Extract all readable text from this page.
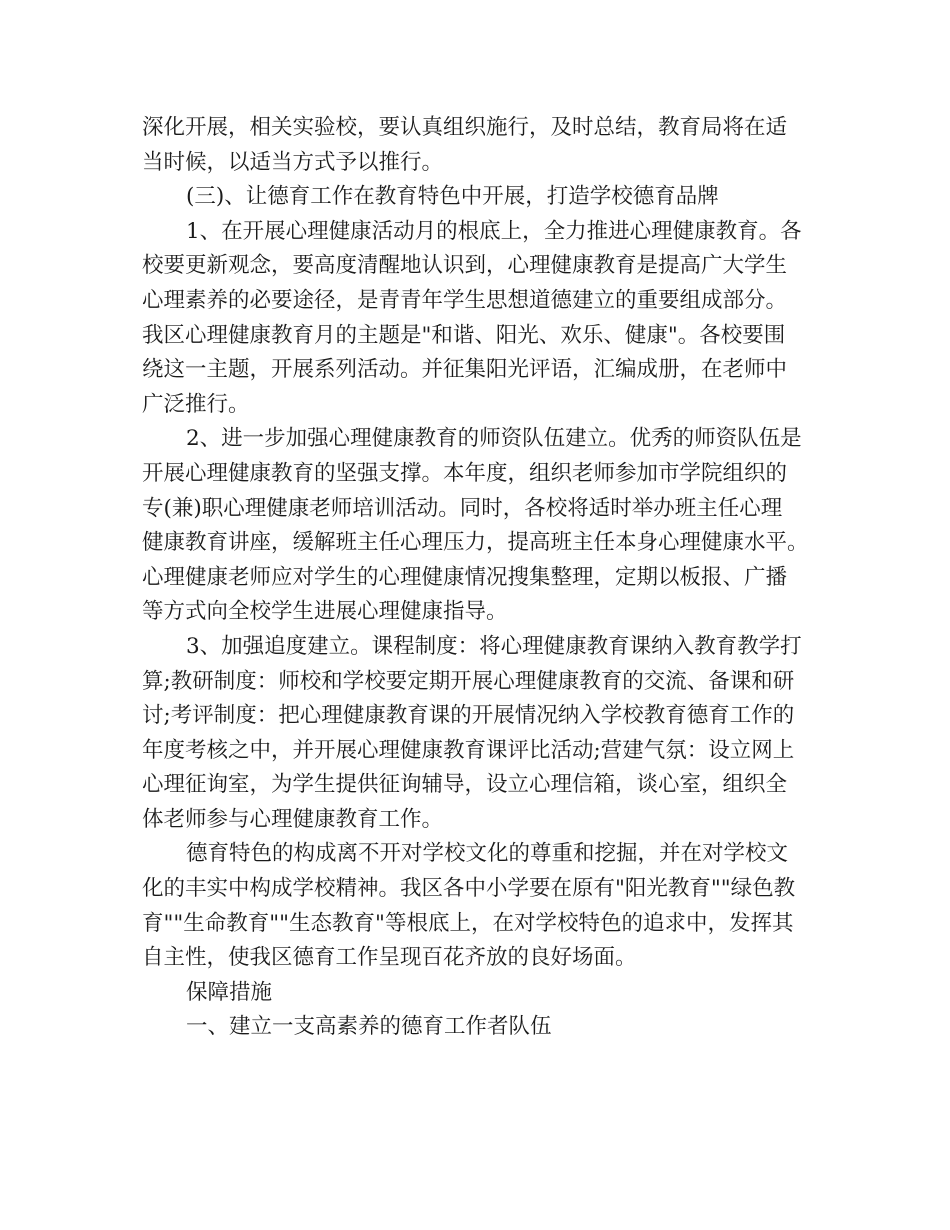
深化开展，相关实验校，要认真组织施行，及时总结，教育局将在适
当时候，以适当方式予以推行。
(三)、让德育工作在教育特色中开展，打造学校德育品牌
1、在开展心理健康活动月的根底上，全力推进心理健康教育。各
校要更新观念，要高度清醒地认识到，心理健康教育是提高广大学生
心理素养的必要途径，是青青年学生思想道德建立的重要组成部分。
我区心理健康教育月的主题是"和谐、阳光、欢乐、健康"。各校要围
绕这一主题，开展系列活动。并征集阳光评语，汇编成册，在老师中
广泛推行。
2、进一步加强心理健康教育的师资队伍建立。优秀的师资队伍是
开展心理健康教育的坚强支撑。本年度，组织老师参加市学院组织的
专(兼)职心理健康老师培训活动。同时，各校将适时举办班主任心理
健康教育讲座，缓解班主任心理压力，提高班主任本身心理健康水平。
心理健康老师应对学生的心理健康情况搜集整理，定期以板报、广播
等方式向全校学生进展心理健康指导。
3、加强追度建立。课程制度：将心理健康教育课纳入教育教学打
算;教研制度：师校和学校要定期开展心理健康教育的交流、备课和研
讨;考评制度：把心理健康教育课的开展情况纳入学校教育德育工作的
年度考核之中，并开展心理健康教育课评比活动;营建气氛：设立网上
心理征询室，为学生提供征询辅导，设立心理信箱，谈心室，组织全
体老师参与心理健康教育工作。
德育特色的构成离不开对学校文化的尊重和挖掘，并在对学校文
化的丰实中构成学校精神。我区各中小学要在原有"阳光教育""绿色教
育""生命教育""生态教育"等根底上，在对学校特色的追求中，发挥其
自主性，使我区德育工作呈现百花齐放的良好场面。
保障措施
一、建立一支高素养的德育工作者队伍
